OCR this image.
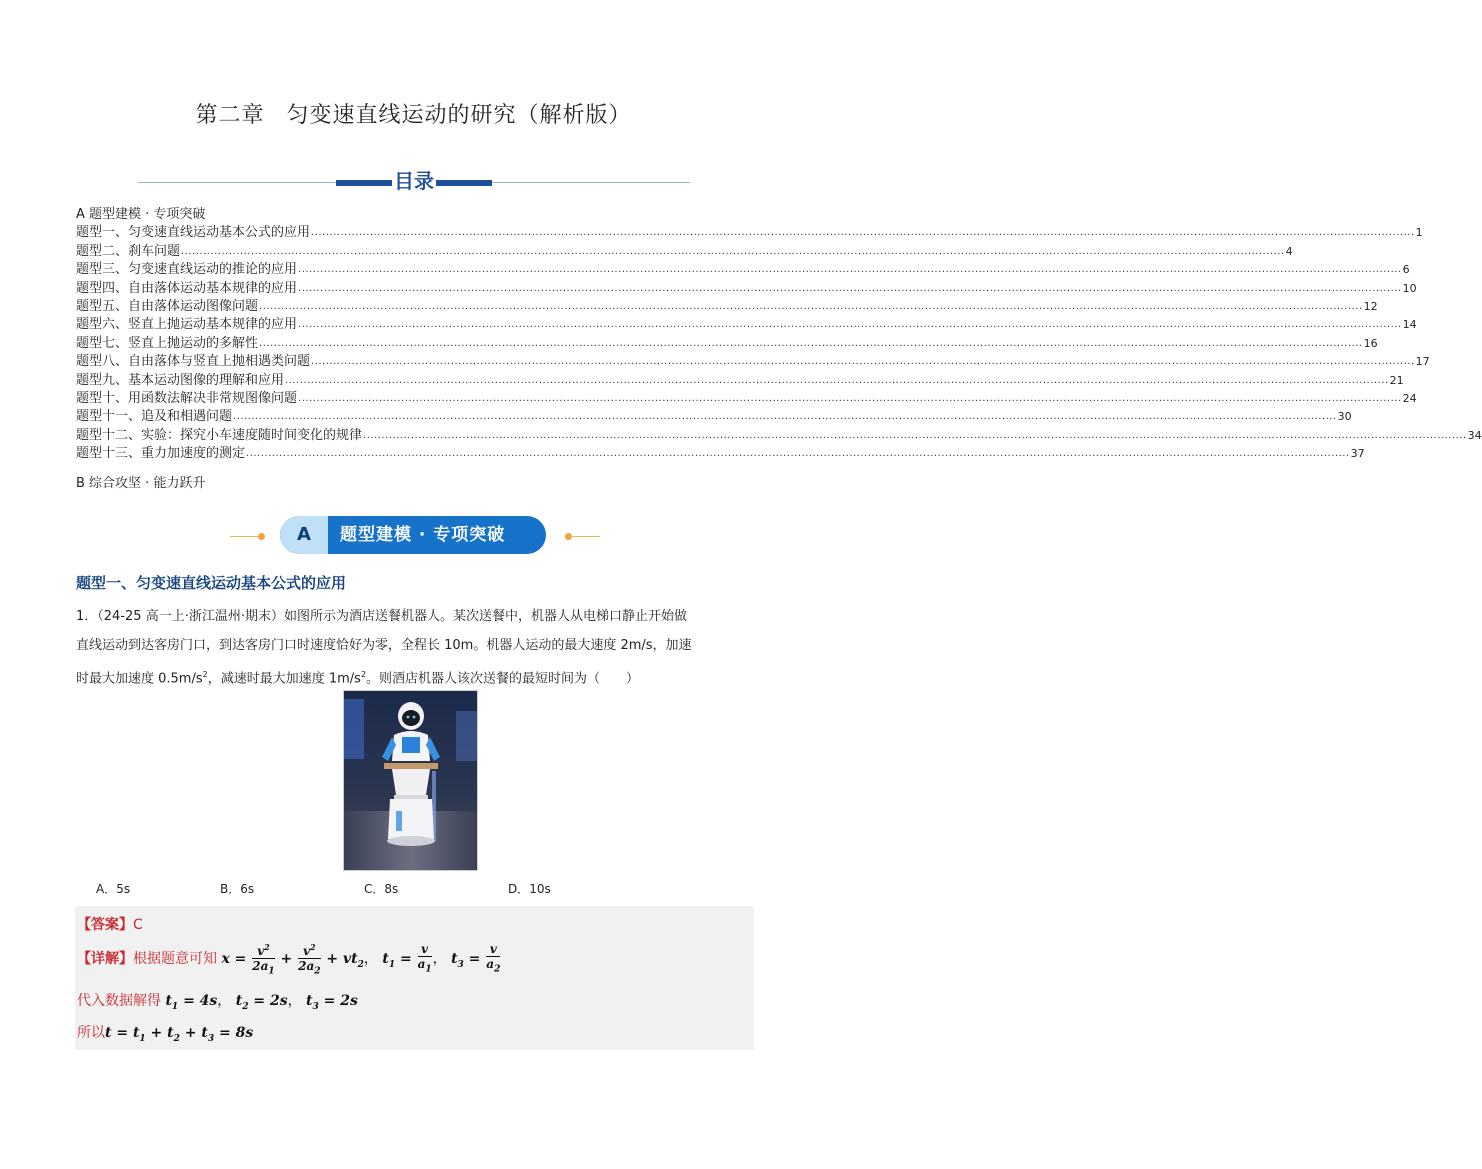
第二章 匀变速直线运动的研究（解析版）
目录
A 题型建模 · 专项突破
题型一、匀变速直线运动基本公式的应用 ............................................................................................................................................................................................................................................................................................................ 1
题型二、刹车问题 ............................................................................................................................................................................................................................................................................................................ 4
题型三、匀变速直线运动的推论的应用 ............................................................................................................................................................................................................................................................................................................ 6
题型四、自由落体运动基本规律的应用 ............................................................................................................................................................................................................................................................................................................ 10
题型五、自由落体运动图像问题 ............................................................................................................................................................................................................................................................................................................ 12
题型六、竖直上抛运动基本规律的应用 ............................................................................................................................................................................................................................................................................................................ 14
题型七、竖直上抛运动的多解性 ............................................................................................................................................................................................................................................................................................................ 16
题型八、自由落体与竖直上抛相遇类问题 ............................................................................................................................................................................................................................................................................................................ 17
题型九、基本运动图像的理解和应用 ............................................................................................................................................................................................................................................................................................................ 21
题型十、用函数法解决非常规图像问题 ............................................................................................................................................................................................................................................................................................................ 24
题型十一、追及和相遇问题 ............................................................................................................................................................................................................................................................................................................ 30
题型十二、实验：探究小车速度随时间变化的规律 ............................................................................................................................................................................................................................................................................................................ 34
题型十三、重力加速度的测定 ............................................................................................................................................................................................................................................................................................................ 37
B 综合攻坚 · 能力跃升
A	题型建模 · 专项突破
题型一、匀变速直线运动基本公式的应用
1．（24-25 高一上·浙江温州·期末）如图所示为酒店送餐机器人。某次送餐中，机器人从电梯口静止开始做
直线运动到达客房门口，到达客房门口时速度恰好为零，全程长 10m。机器人运动的最大速度 2m/s，加速
时最大加速度 $0.5m/s^2$，减速时最大加速度 $1m/s^2$。则酒店机器人该次送餐的最短时间为（　　）
A．5s	B．6s	C．8s	D．10s
【答案】C
【详解】根据题意可知 $x = \frac{v^2}{2a_1} + \frac{v^2}{2a_2} + vt_2$， $t_1 = \frac{v}{a_1}$ ， $t_3 = \frac{v}{a_2}$
代入数据解得 $t_1 = 4s$， $t_2 = 2s$， $t_3 = 2s$
所以$t = t_1 + t_2 + t_3 = 8s$
